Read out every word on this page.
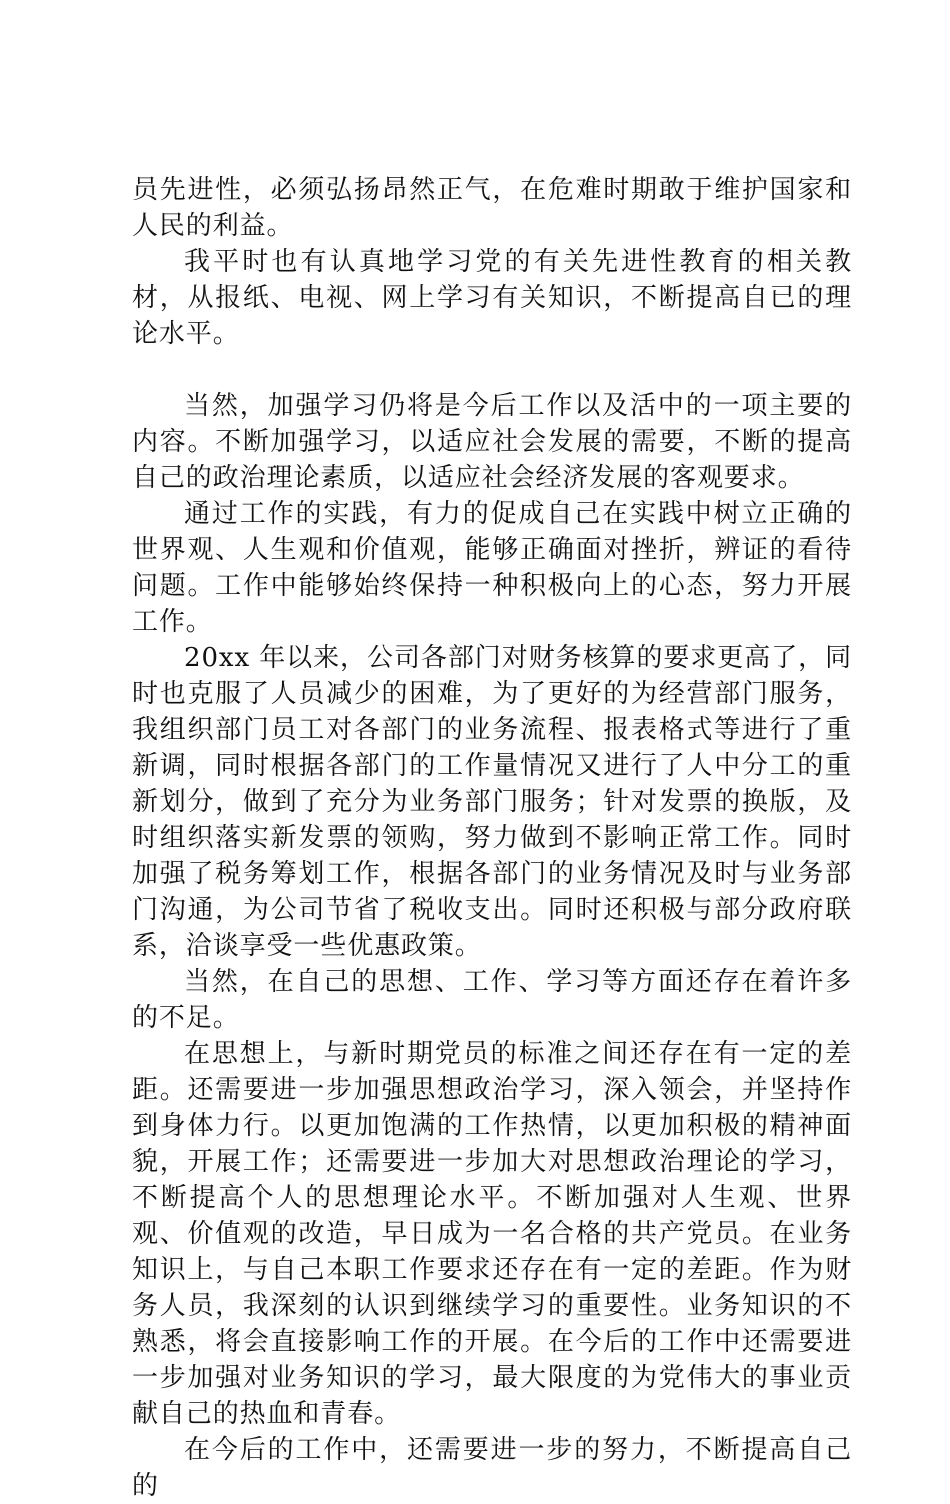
员先进性，必须弘扬昂然正气，在危难时期敢于维护国家和人民的利益。

我平时也有认真地学习党的有关先进性教育的相关教材，从报纸、电视、网上学习有关知识，不断提高自已的理论水平。

当然，加强学习仍将是今后工作以及活中的一项主要的内容。不断加强学习，以适应社会发展的需要，不断的提高自己的政治理论素质，以适应社会经济发展的客观要求。

通过工作的实践，有力的促成自己在实践中树立正确的世界观、人生观和价值观，能够正确面对挫折，辨证的看待问题。工作中能够始终保持一种积极向上的心态，努力开展工作。

20xx 年以来，公司各部门对财务核算的要求更高了，同时也克服了人员减少的困难，为了更好的为经营部门服务，我组织部门员工对各部门的业务流程、报表格式等进行了重新调，同时根据各部门的工作量情况又进行了人中分工的重新划分，做到了充分为业务部门服务；针对发票的换版，及时组织落实新发票的领购，努力做到不影响正常工作。同时加强了税务筹划工作，根据各部门的业务情况及时与业务部门沟通，为公司节省了税收支出。同时还积极与部分政府联系，洽谈享受一些优惠政策。

当然，在自己的思想、工作、学习等方面还存在着许多的不足。

在思想上，与新时期党员的标准之间还存在有一定的差距。还需要进一步加强思想政治学习，深入领会，并坚持作到身体力行。以更加饱满的工作热情，以更加积极的精神面貌，开展工作；还需要进一步加大对思想政治理论的学习，不断提高个人的思想理论水平。不断加强对人生观、世界观、价值观的改造，早日成为一名合格的共产党员。在业务知识上，与自己本职工作要求还存在有一定的差距。作为财务人员，我深刻的认识到继续学习的重要性。业务知识的不熟悉，将会直接影响工作的开展。在今后的工作中还需要进一步加强对业务知识的学习，最大限度的为党伟大的事业贡献自己的热血和青春。

在今后的工作中，还需要进一步的努力，不断提高自己的
